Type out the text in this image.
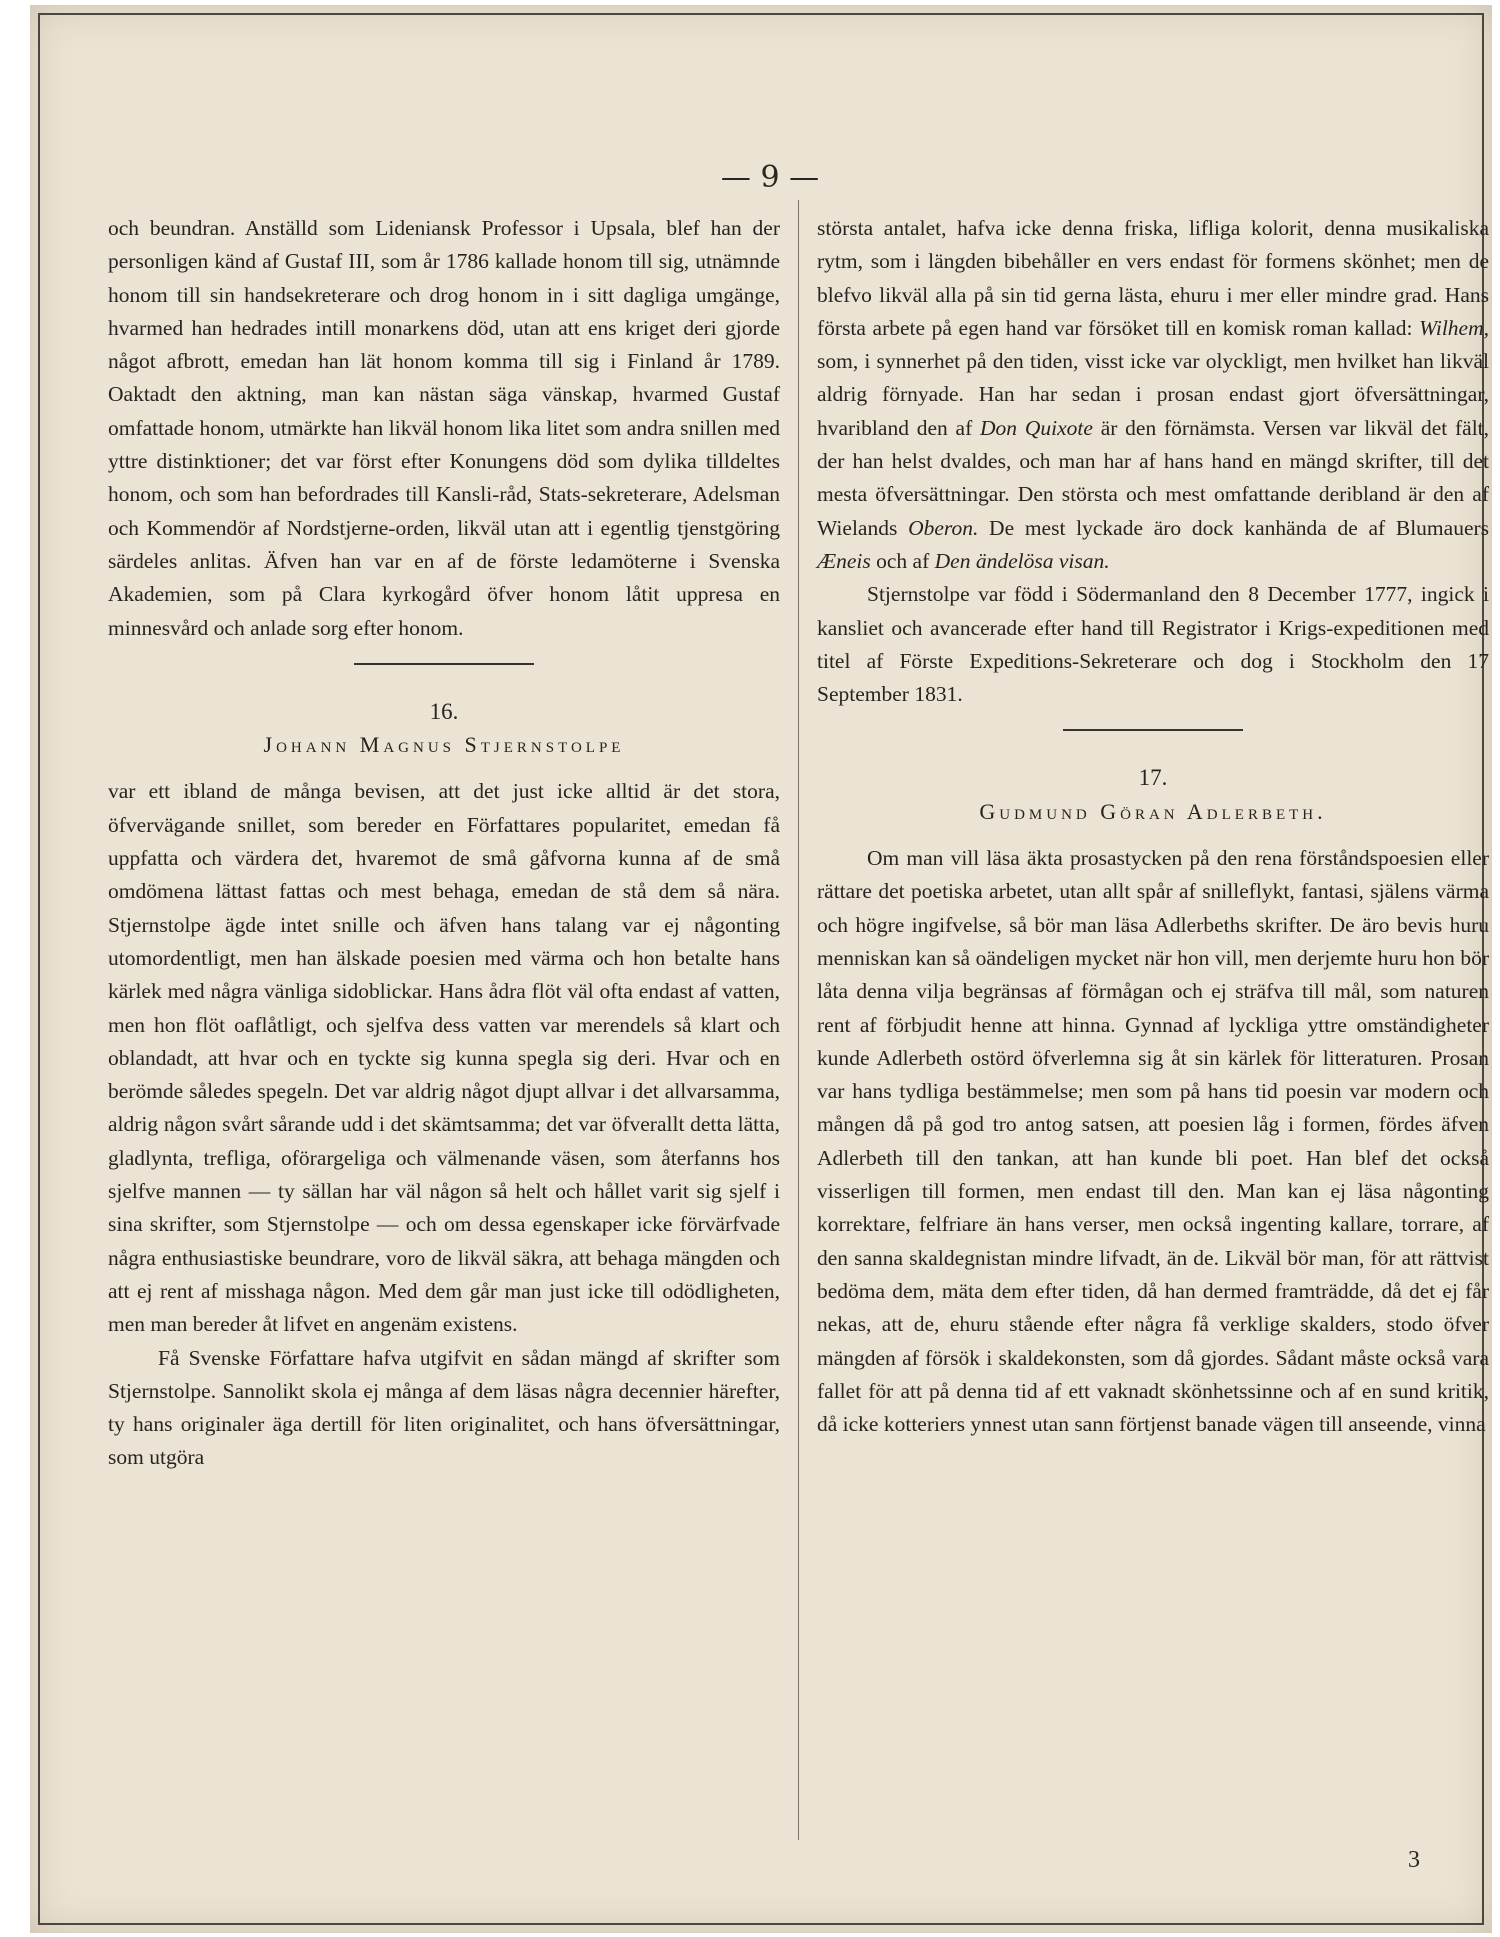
— 9 —

och beundran. Anställd som Lideniansk Professor i Upsala, blef han der personligen känd af Gustaf III, som år 1786 kallade honom till sig, utnämnde honom till sin handsekreterare och drog honom in i sitt dagliga umgänge, hvarmed han hedrades intill monarkens död, utan att ens kriget deri gjorde något afbrott, emedan han lät honom komma till sig i Finland år 1789. Oaktadt den aktning, man kan nästan säga vänskap, hvarmed Gustaf omfattade honom, utmärkte han likväl honom lika litet som andra snillen med yttre distinktioner; det var först efter Konungens död som dylika tilldeltes honom, och som han befordrades till Kansli-råd, Stats-sekreterare, Adelsman och Kommendör af Nordstjerne-orden, likväl utan att i egentlig tjenstgöring särdeles anlitas. Äfven han var en af de förste ledamöterne i Svenska Akademien, som på Clara kyrkogård öfver honom låtit uppresa en minnesvård och anlade sorg efter honom.

16.

Johann Magnus Stjernstolpe

var ett ibland de många bevisen, att det just icke alltid är det stora, öfvervägande snillet, som bereder en Författares popularitet, emedan få uppfatta och värdera det, hvaremot de små gåfvorna kunna af de små omdömena lättast fattas och mest behaga, emedan de stå dem så nära. Stjernstolpe ägde intet snille och äfven hans talang var ej någonting utomordentligt, men han älskade poesien med värma och hon betalte hans kärlek med några vänliga sidoblickar. Hans ådra flöt väl ofta endast af vatten, men hon flöt oaflåtligt, och sjelfva dess vatten var merendels så klart och oblandadt, att hvar och en tyckte sig kunna spegla sig deri. Hvar och en berömde således spegeln. Det var aldrig något djupt allvar i det allvarsamma, aldrig någon svårt sårande udd i det skämtsamma; det var öfverallt detta lätta, gladlynta, trefliga, oförargeliga och välmenande väsen, som återfanns hos sjelfve mannen — ty sällan har väl någon så helt och hållet varit sig sjelf i sina skrifter, som Stjernstolpe — och om dessa egenskaper icke förvärfvade några enthusiastiske beundrare, voro de likväl säkra, att behaga mängden och att ej rent af misshaga någon. Med dem går man just icke till odödligheten, men man bereder åt lifvet en angenäm existens.

Få Svenske Författare hafva utgifvit en sådan mängd af skrifter som Stjernstolpe. Sannolikt skola ej många af dem läsas några decennier härefter, ty hans originaler äga dertill för liten originalitet, och hans öfversättningar, som utgöra

största antalet, hafva icke denna friska, lifliga kolorit, denna musikaliska rytm, som i längden bibehåller en vers endast för formens skönhet; men de blefvo likväl alla på sin tid gerna lästa, ehuru i mer eller mindre grad. Hans första arbete på egen hand var försöket till en komisk roman kallad: Wilhem, som, i synnerhet på den tiden, visst icke var olyckligt, men hvilket han likväl aldrig förnyade. Han har sedan i prosan endast gjort öfversättningar, hvaribland den af Don Quixote är den förnämsta. Versen var likväl det fält, der han helst dvaldes, och man har af hans hand en mängd skrifter, till det mesta öfversättningar. Den största och mest omfattande deribland är den af Wielands Oberon. De mest lyckade äro dock kanhända de af Blumauers Æneis och af Den ändelösa visan.

Stjernstolpe var född i Södermanland den 8 December 1777, ingick i kansliet och avancerade efter hand till Registrator i Krigs-expeditionen med titel af Förste Expeditions-Sekreterare och dog i Stockholm den 17 September 1831.

17.

Gudmund Göran Adlerbeth.

Om man vill läsa äkta prosastycken på den rena förståndspoesien eller rättare det poetiska arbetet, utan allt spår af snilleflykt, fantasi, själens värma och högre ingifvelse, så bör man läsa Adlerbeths skrifter. De äro bevis huru menniskan kan så oändeligen mycket när hon vill, men derjemte huru hon bör låta denna vilja begränsas af förmågan och ej sträfva till mål, som naturen rent af förbjudit henne att hinna. Gynnad af lyckliga yttre omständigheter kunde Adlerbeth ostörd öfverlemna sig åt sin kärlek för litteraturen. Prosan var hans tydliga bestämmelse; men som på hans tid poesin var modern och mången då på god tro antog satsen, att poesien låg i formen, fördes äfven Adlerbeth till den tankan, att han kunde bli poet. Han blef det också visserligen till formen, men endast till den. Man kan ej läsa någonting korrektare, felfriare än hans verser, men också ingenting kallare, torrare, af den sanna skaldegnistan mindre lifvadt, än de. Likväl bör man, för att rättvist bedöma dem, mäta dem efter tiden, då han dermed framträdde, då det ej får nekas, att de, ehuru stående efter några få verklige skalders, stodo öfver mängden af försök i skaldekonsten, som då gjordes. Sådant måste också vara fallet för att på denna tid af ett vaknadt skönhetssinne och af en sund kritik, då icke kotteriers ynnest utan sann förtjenst banade vägen till anseende, vinna

3
